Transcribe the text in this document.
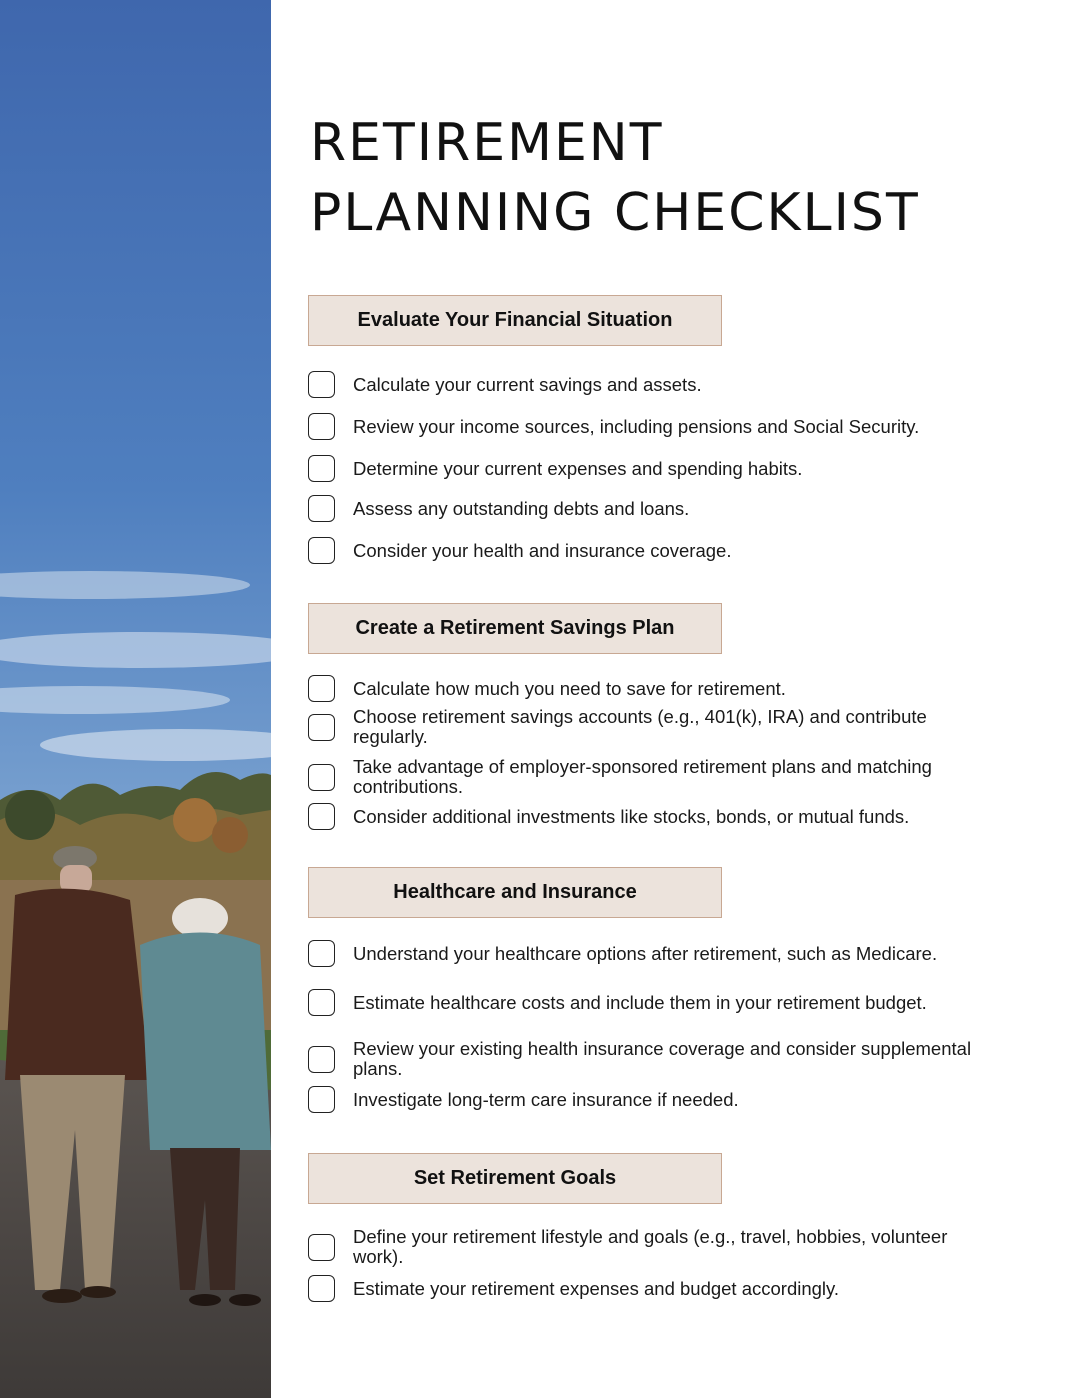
RETIREMENT
PLANNING CHECKLIST
Evaluate Your Financial Situation
Calculate your current savings and assets.
Review your income sources, including pensions and Social Security.
Determine your current expenses and spending habits.
Assess any outstanding debts and loans.
Consider your health and insurance coverage.
Create a Retirement Savings Plan
Calculate how much you need to save for retirement.
Choose retirement savings accounts (e.g., 401(k), IRA) and contribute regularly.
Take advantage of employer-sponsored retirement plans and matching contributions.
Consider additional investments like stocks, bonds, or mutual funds.
Healthcare and Insurance
Understand your healthcare options after retirement, such as Medicare.
Estimate healthcare costs and include them in your retirement budget.
Review your existing health insurance coverage and consider supplemental plans.
Investigate long-term care insurance if needed.
Set Retirement Goals
Define your retirement lifestyle and goals (e.g., travel, hobbies, volunteer work).
Estimate your retirement expenses and budget accordingly.
